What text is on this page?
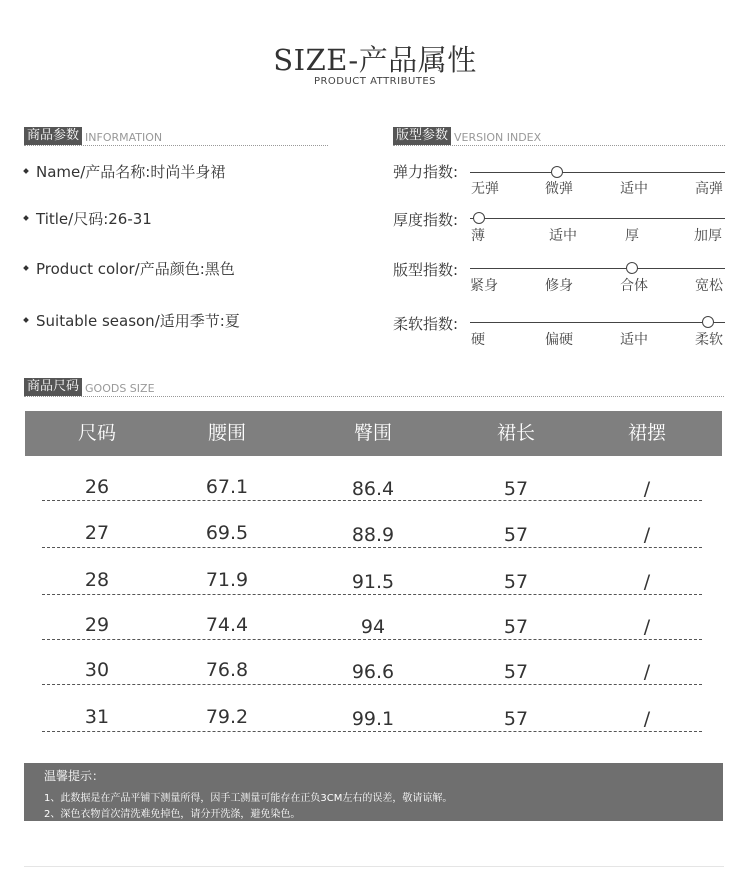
SIZE-产品属性
PRODUCT ATTRIBUTES
商品参数 INFORMATION
Name/产品名称:时尚半身裙
Title/尺码:26-31
Product color/产品颜色:黑色
Suitable season/适用季节:夏
版型参数 VERSION INDEX
弹力指数:
无弹	微弹	适中	高弹
厚度指数:
薄	适中	厚	加厚
版型指数:
紧身	修身	合体	宽松
柔软指数:
硬	偏硬	适中	柔软
商品尺码 GOODS SIZE
尺码	腰围	臀围	裙长	裙摆
26	67.1	86.4	57	/
27	69.5	88.9	57	/
28	71.9	91.5	57	/
29	74.4	94	57	/
30	76.8	96.6	57	/
31	79.2	99.1	57	/
温馨提示：
1、此数据是在产品平铺下测量所得，因手工测量可能存在正负3CM左右的误差，敬请谅解。
2、深色衣物首次清洗难免掉色，请分开洗涤，避免染色。
